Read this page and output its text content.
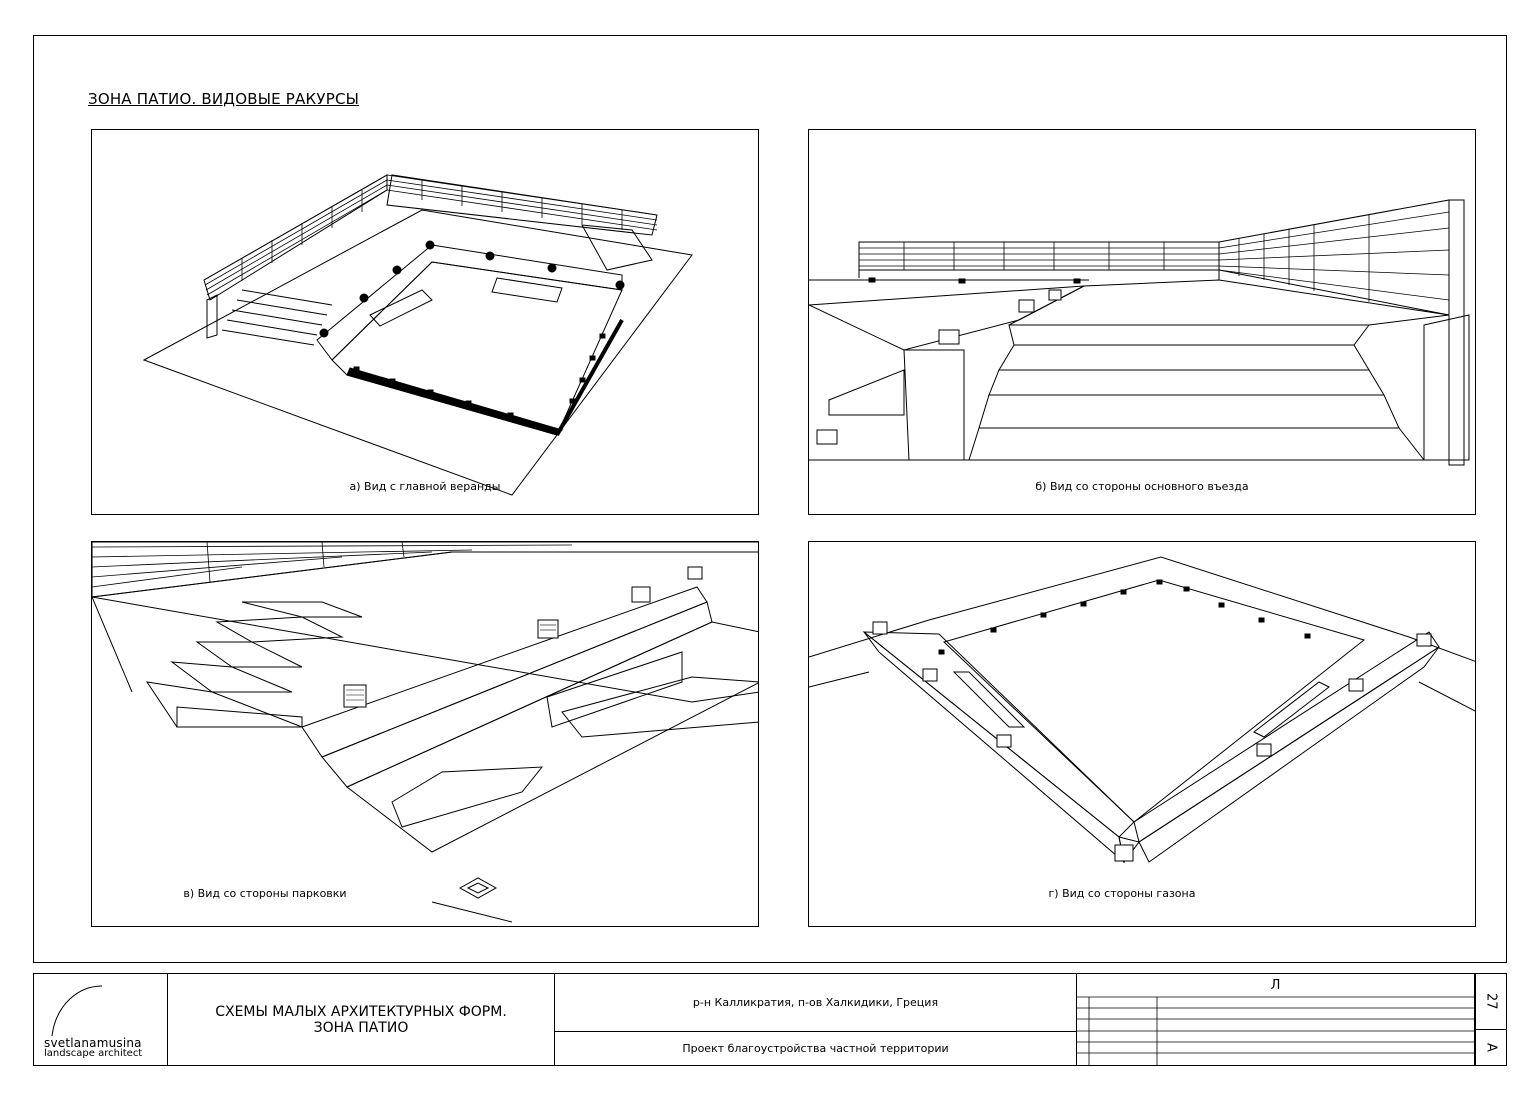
ЗОНА ПАТИО. ВИДОВЫЕ РАКУРСЫ
а) Вид с главной веранды	б) Вид со стороны основного въезда
в) Вид со стороны парковки	г) Вид со стороны газона
svetlanamusina
landscape architect
СХЕМЫ МАЛЫХ АРХИТЕКТУРНЫХ ФОРМ.
ЗОНА ПАТИО
р-н Калликратия, п-ов Халкидики, Греция
Проект благоустройства частной территории
Л
27
А
